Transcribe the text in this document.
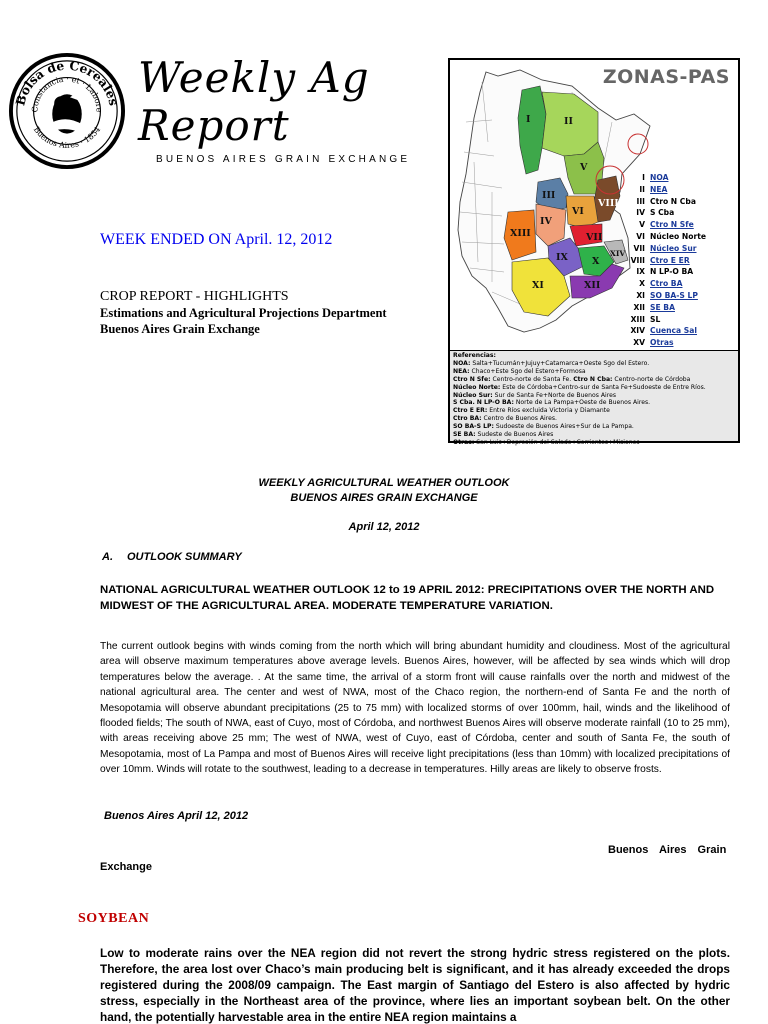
Bolsa de Cereales
Constancia · et · Labore
Buenos Aires · 1854
Weekly Ag Report
BUENOS AIRES GRAIN EXCHANGE
WEEK ENDED ON April. 12, 2012
CROP REPORT - HIGHLIGHTS
Estimations and Agricultural Projections Department
Buenos Aires Grain Exchange
ZONAS-PAS
I	II
III
IV
V
VI
VII
VIII
IX	X
XI	XII
XIII
XIV
I NOA
II NEA
III Ctro N Cba
IV S Cba
V Ctro N Sfe
VI Núcleo Norte
VII Núcleo Sur
VIII Ctro E ER
IX N LP-O BA
X Ctro BA
XI SO BA-S LP
XII SE BA
XIII SL
XIV Cuenca Sal
XV Otras
Referencias:
NOA: Salta+Tucumán+Jujuy+Catamarca+Oeste Sgo del Estero.
NEA: Chaco+Este Sgo del Estero+Formosa
Ctro N Sfe: Centro-norte de Santa Fe. Ctro N Cba: Centro-norte de Córdoba
Núcleo Norte: Este de Córdoba+Centro-sur de Santa Fe+Sudoeste de Entre Ríos.
Núcleo Sur: Sur de Santa Fe+Norte de Buenos Aires
S Cba. N LP-O BA: Norte de La Pampa+Oeste de Buenos Aires.
Ctro E ER: Entre Ríos excluida Victoria y Diamante
Ctro BA: Centro de Buenos Aires.
SO BA-S LP: Sudoeste de Buenos Aires+Sur de La Pampa.
SE BA: Sudeste de Buenos Aires
Otras: San Luis+Depresión del Salado+Corrientes+Misiones
WEEKLY AGRICULTURAL WEATHER OUTLOOK
BUENOS AIRES GRAIN EXCHANGE
April 12, 2012
A. OUTLOOK SUMMARY
NATIONAL AGRICULTURAL WEATHER OUTLOOK 12 to 19 APRIL 2012: PRECIPITATIONS OVER THE NORTH AND MIDWEST OF THE AGRICULTURAL AREA. MODERATE TEMPERATURE VARIATION.
The current outlook begins with winds coming from the north which will bring abundant humidity and cloudiness. Most of the agricultural area will observe maximum temperatures above average levels. Buenos Aires, however, will be affected by sea winds which will drop temperatures below the average. . At the same time, the arrival of a storm front will cause rainfalls over the north and midwest of the national agricultural area. The center and west of NWA, most of the Chaco region, the northern-end of Santa Fe and the north of Mesopotamia will observe abundant precipitations (25 to 75 mm) with localized storms of over 100mm, hail, winds and the likelihood of flooded fields; The south of NWA, east of Cuyo, most of Córdoba, and northwest Buenos Aires will observe moderate rainfall (10 to 25 mm), with areas receiving above 25 mm; The west of NWA, west of Cuyo, east of Córdoba, center and south of Santa Fe, the south of Mesopotamia, most of La Pampa and most of Buenos Aires will receive light precipitations (less than 10mm) with localized precipitations of over 10mm. Winds will rotate to the southwest, leading to a decrease in temperatures. Hilly areas are likely to observe frosts.
Buenos Aires April 12, 2012
Buenos Aires Grain
Exchange
SOYBEAN
Low to moderate rains over the NEA region did not revert the strong hydric stress registered on the plots. Therefore, the area lost over Chaco’s main producing belt is significant, and it has already exceeded the drops registered during the 2008/09 campaign. The East margin of Santiago del Estero is also affected by hydric stress, especially in the Northeast area of the province, where lies an important soybean belt. On the other hand, the potentially harvestable area in the entire NEA region maintains a
